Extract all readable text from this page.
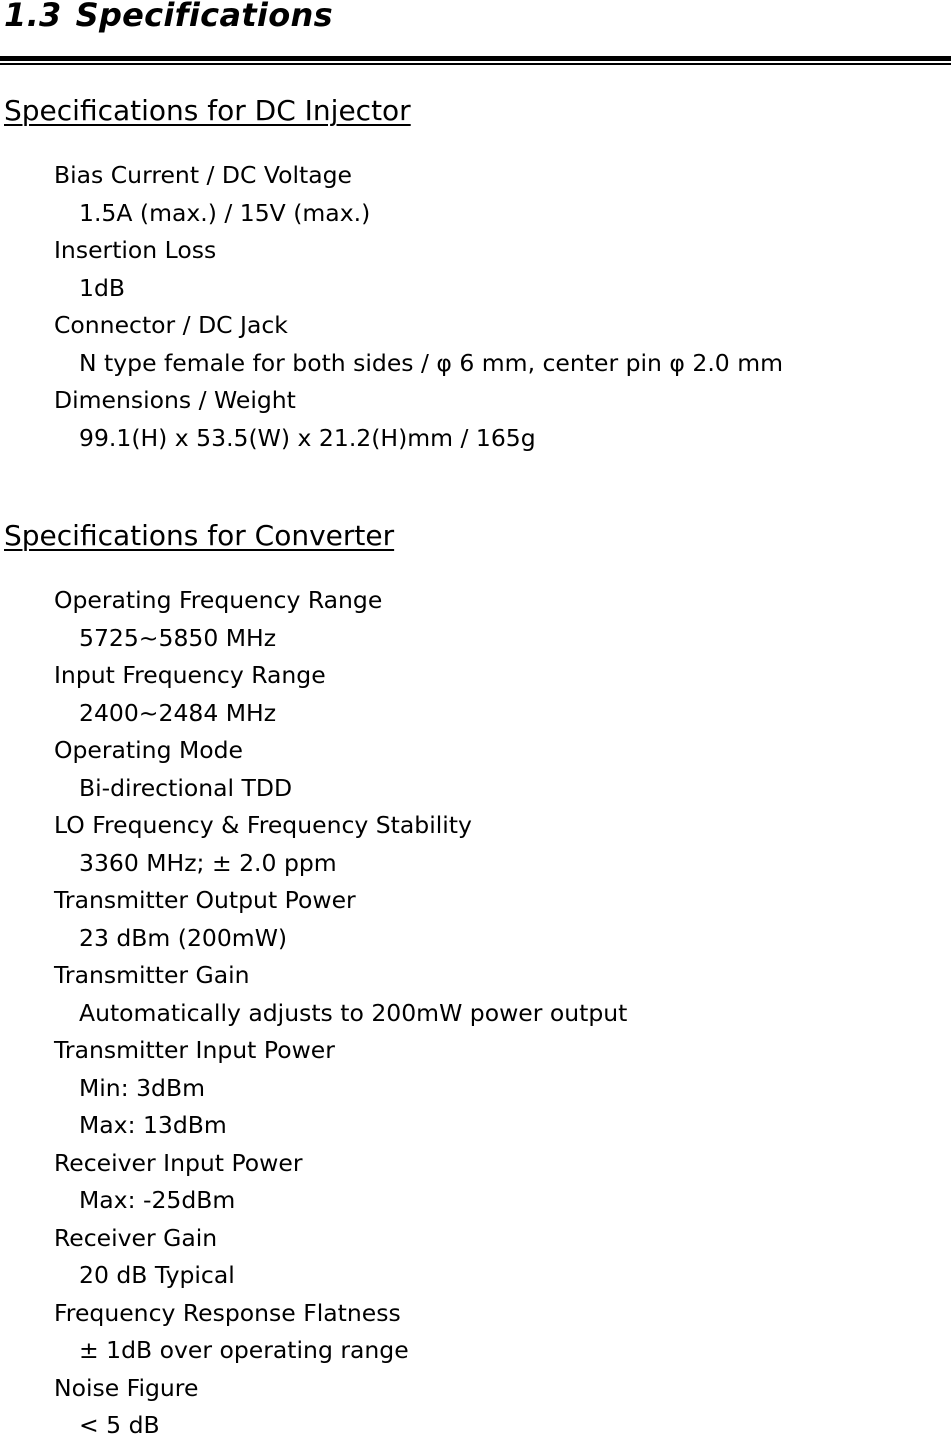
1.3 Specifications
Specifications for DC Injector
Bias Current / DC Voltage
1.5A (max.) / 15V (max.)
Insertion Loss
1dB
Connector / DC Jack
N type female for both sides / φ 6 mm, center pin φ 2.0 mm
Dimensions / Weight
99.1(H) x 53.5(W) x 21.2(H)mm / 165g
Specifications for Converter
Operating Frequency Range
5725~5850 MHz
Input Frequency Range
2400~2484 MHz
Operating Mode
Bi-directional TDD
LO Frequency & Frequency Stability
3360 MHz; ± 2.0 ppm
Transmitter Output Power
23 dBm (200mW)
Transmitter Gain
Automatically adjusts to 200mW power output
Transmitter Input Power
Min: 3dBm
Max: 13dBm
Receiver Input Power
Max: -25dBm
Receiver Gain
20 dB Typical
Frequency Response Flatness
± 1dB over operating range
Noise Figure
< 5 dB
